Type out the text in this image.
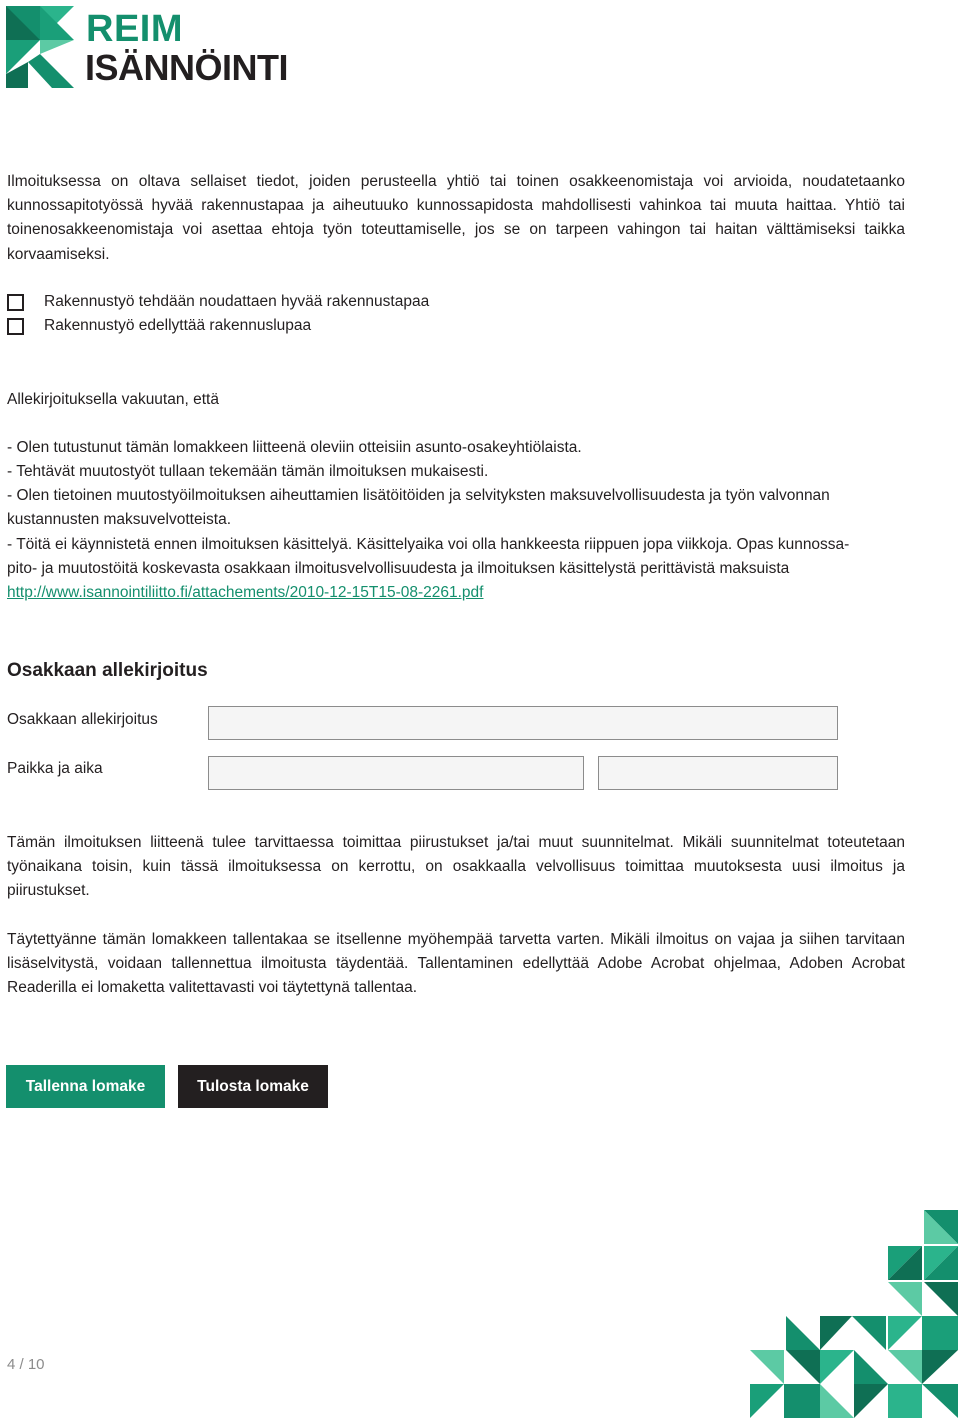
REIM
ISÄNNÖINTI

Ilmoituksessa on oltava sellaiset tiedot, joiden perusteella yhtiö tai toinen osakkeenomistaja voi arvioida, noudatetaanko kunnossapitotyössä hyvää rakennustapaa ja aiheutuuko kunnossapidosta mahdollisesti vahinkoa tai muuta haittaa. Yhtiö tai toinenosakkeenomistaja voi asettaa ehtoja työn toteuttamiselle, jos se on tarpeen vahingon tai haitan välttämiseksi taikka korvaamiseksi.

Rakennustyö tehdään noudattaen hyvää rakennustapaa
Rakennustyö edellyttää rakennuslupaa
Allekirjoituksella vakuutan, että
- Olen tutustunut tämän lomakkeen liitteenä oleviin otteisiin asunto-osakeyhtiölaista.
- Tehtävät muutostyöt tullaan tekemään tämän ilmoituksen mukaisesti.
- Olen tietoinen muutostyöilmoituksen aiheuttamien lisätöitöiden ja selvityksten maksuvelvollisuudesta ja työn valvonnan
kustannusten maksuvelvotteista.
- Töitä ei käynnistetä ennen ilmoituksen käsittelyä. Käsittelyaika voi olla hankkeesta riippuen jopa viikkoja. Opas kunnossa-
pito- ja muutostöitä koskevasta osakkaan ilmoitusvelvollisuudesta ja ilmoituksen käsittelystä perittävistä maksuista
http://www.isannointiliitto.fi/attachements/2010-12-15T15-08-2261.pdf
Osakkaan allekirjoitus
Osakkaan allekirjoitus
Paikka ja aika

Tämän ilmoituksen liitteenä tulee tarvittaessa toimittaa piirustukset ja/tai muut suunnitelmat. Mikäli suunnitelmat toteutetaan työnaikana toisin, kuin tässä ilmoituksessa on kerrottu, on osakkaalla velvollisuus toimittaa muutoksesta uusi ilmoitus ja piirustukset.

Täytettyänne tämän lomakkeen tallentakaa se itsellenne myöhempää tarvetta varten. Mikäli ilmoitus on vajaa ja siihen tarvitaan lisäselvitystä, voidaan tallennettua ilmoitusta täydentää. Tallentaminen edellyttää Adobe Acrobat ohjelmaa, Adoben Acrobat Readerilla ei lomaketta valitettavasti voi täytettynä tallentaa.

Tallenna lomake	Tulosta lomake
4 / 10
